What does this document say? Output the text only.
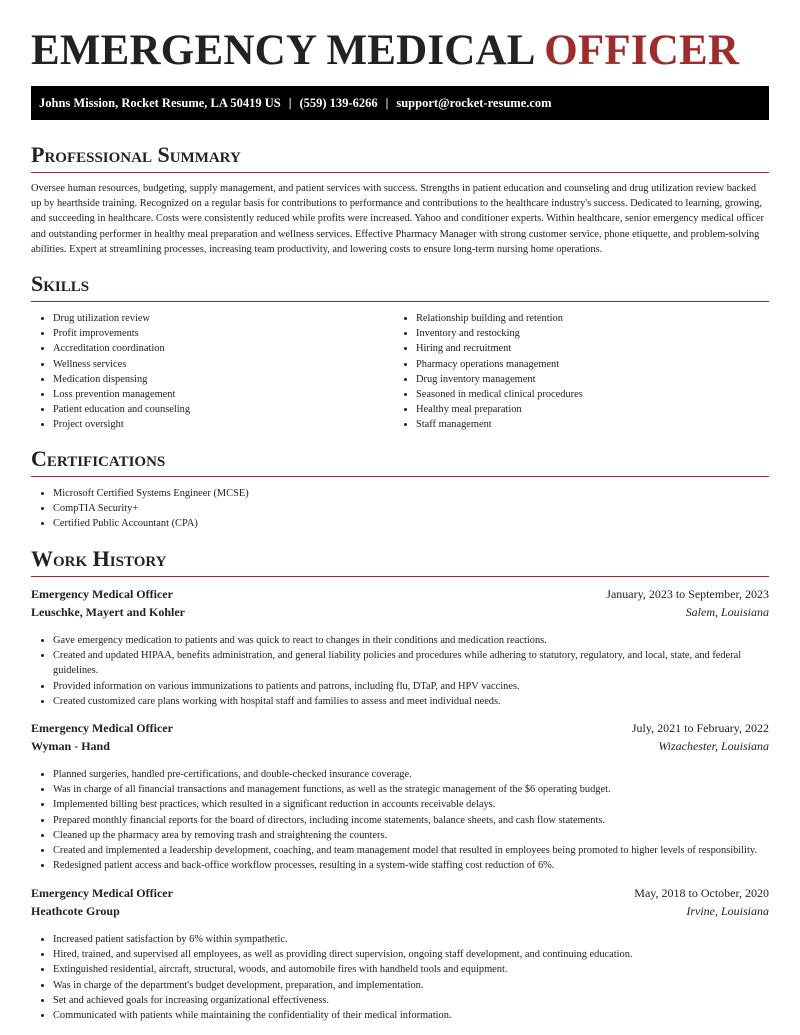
EMERGENCY MEDICAL OFFICER
Johns Mission, Rocket Resume, LA 50419 US | (559) 139-6266 | support@rocket-resume.com
Professional Summary

Oversee human resources, budgeting, supply management, and patient services with success. Strengths in patient education and counseling and drug utilization review backed up by hearthside training. Recognized on a regular basis for contributions to performance and contributions to the healthcare industry's success. Dedicated to learning, growing, and succeeding in healthcare. Costs were consistently reduced while profits were increased. Yahoo and conditioner experts. Within healthcare, senior emergency medical officer and outstanding performer in healthy meal preparation and wellness services. Effective Pharmacy Manager with strong customer service, phone etiquette, and problem-solving abilities. Expert at streamlining processes, increasing team productivity, and lowering costs to ensure long-term nursing home operations.

Skills
• Drug utilization review
• Profit improvements
• Accreditation coordination
• Wellness services
• Medication dispensing
• Loss prevention management
• Patient education and counseling
• Project oversight
• Relationship building and retention
• Inventory and restocking
• Hiring and recruitment
• Pharmacy operations management
• Drug inventory management
• Seasoned in medical clinical procedures
• Healthy meal preparation
• Staff management
Certifications
• Microsoft Certified Systems Engineer (MCSE)
• CompTIA Security+
• Certified Public Accountant (CPA)
Work History
Emergency Medical Officer	January, 2023 to September, 2023
Leuschke, Mayert and Kohler	Salem, Louisiana
• Gave emergency medication to patients and was quick to react to changes in their conditions and medication reactions.
• Created and updated HIPAA, benefits administration, and general liability policies and procedures while adhering to statutory, regulatory, and local, state, and federal guidelines.
• Provided information on various immunizations to patients and patrons, including flu, DTaP, and HPV vaccines.
• Created customized care plans working with hospital staff and families to assess and meet individual needs.
Emergency Medical Officer	July, 2021 to February, 2022
Wyman - Hand	Wizachester, Louisiana
• Planned surgeries, handled pre-certifications, and double-checked insurance coverage.
• Was in charge of all financial transactions and management functions, as well as the strategic management of the $6 operating budget.
• Implemented billing best practices, which resulted in a significant reduction in accounts receivable delays.
• Prepared monthly financial reports for the board of directors, including income statements, balance sheets, and cash flow statements.
• Cleaned up the pharmacy area by removing trash and straightening the counters.
• Created and implemented a leadership development, coaching, and team management model that resulted in employees being promoted to higher levels of responsibility.
• Redesigned patient access and back-office workflow processes, resulting in a system-wide staffing cost reduction of 6%.
Emergency Medical Officer	May, 2018 to October, 2020
Heathcote Group	Irvine, Louisiana
• Increased patient satisfaction by 6% within sympathetic.
• Hired, trained, and supervised all employees, as well as providing direct supervision, ongoing staff development, and continuing education.
• Extinguished residential, aircraft, structural, woods, and automobile fires with handheld tools and equipment.
• Was in charge of the department's budget development, preparation, and implementation.
• Set and achieved goals for increasing organizational effectiveness.
• Communicated with patients while maintaining the confidentiality of their medical information.
